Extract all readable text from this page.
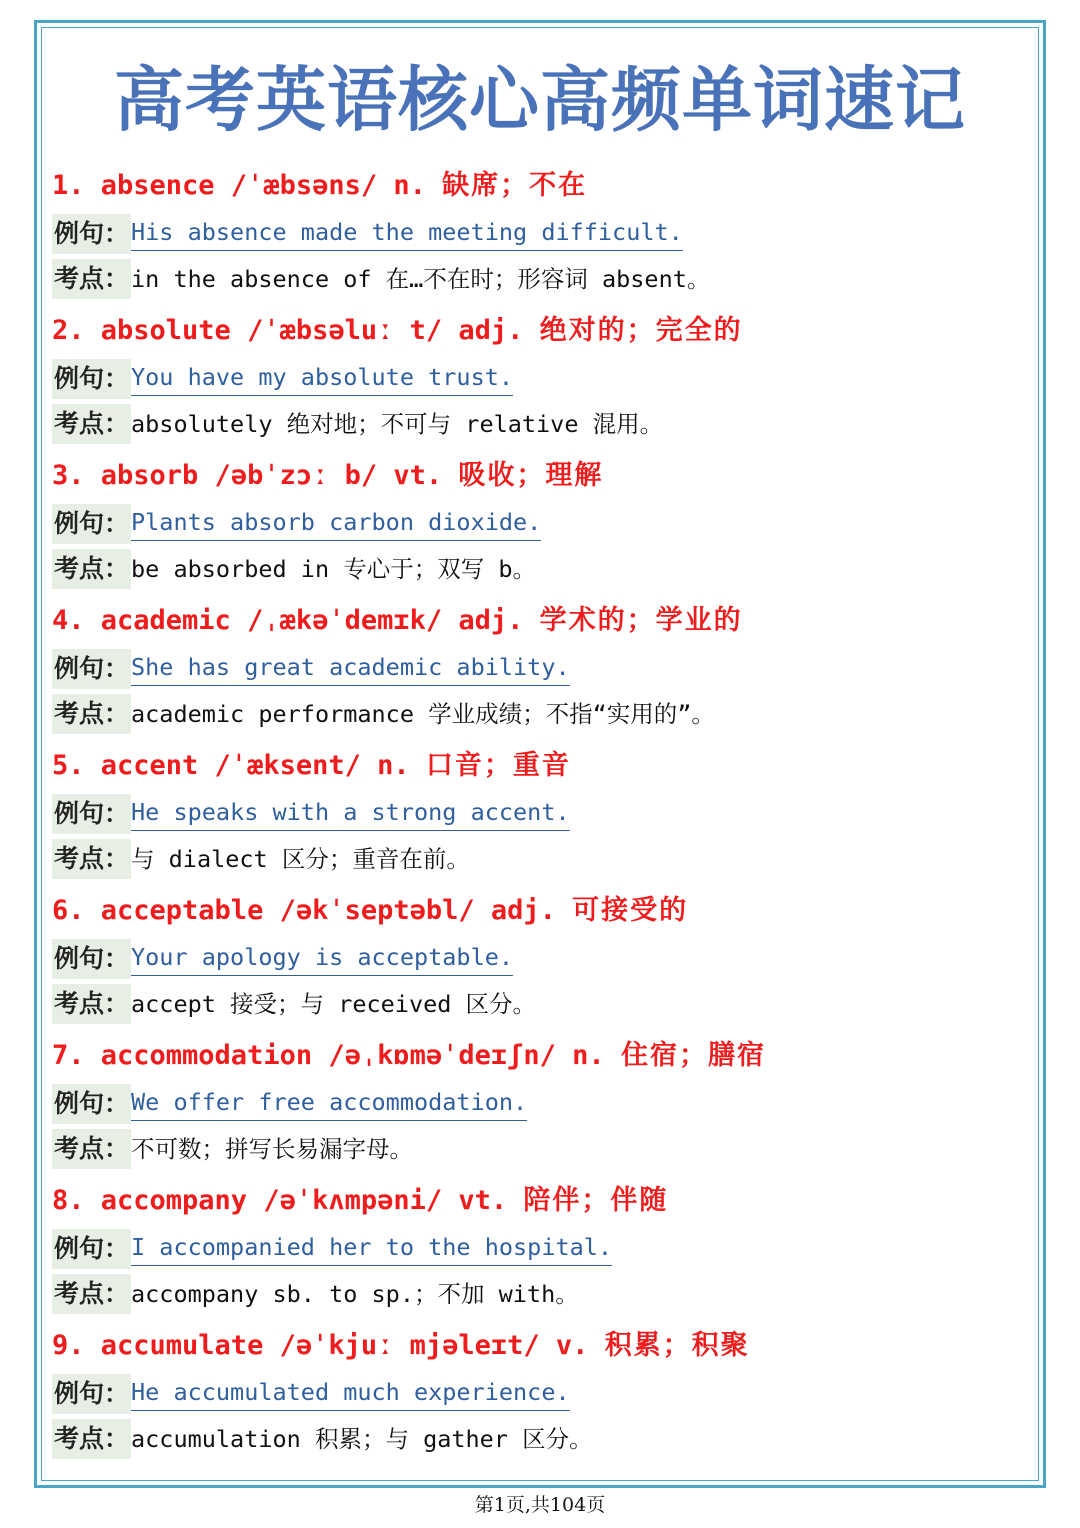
高考英语核心高频单词速记
1. absence /ˈæbsəns/ n. 缺席；不在
例句：His absence made the meeting difficult.
考点：in the absence of 在…不在时；形容词 absent。
2. absolute /ˈæbsəluː t/ adj. 绝对的；完全的
例句：You have my absolute trust.
考点：absolutely 绝对地；不可与 relative 混用。
3. absorb /əbˈzɔː b/ vt. 吸收；理解
例句：Plants absorb carbon dioxide.
考点：be absorbed in 专心于；双写 b。
4. academic /ˌækəˈdemɪk/ adj. 学术的；学业的
例句：She has great academic ability.
考点：academic performance 学业成绩；不指“实用的”。
5. accent /ˈæksent/ n. 口音；重音
例句：He speaks with a strong accent.
考点：与 dialect 区分；重音在前。
6. acceptable /əkˈseptəbl/ adj. 可接受的
例句：Your apology is acceptable.
考点：accept 接受；与 received 区分。
7. accommodation /əˌkɒməˈdeɪʃn/ n. 住宿；膳宿
例句：We offer free accommodation.
考点：不可数；拼写长易漏字母。
8. accompany /əˈkʌmpəni/ vt. 陪伴；伴随
例句：I accompanied her to the hospital.
考点：accompany sb. to sp.；不加 with。
9. accumulate /əˈkjuː mjəleɪt/ v. 积累；积聚
例句：He accumulated much experience.
考点：accumulation 积累；与 gather 区分。
第1页,共104页
